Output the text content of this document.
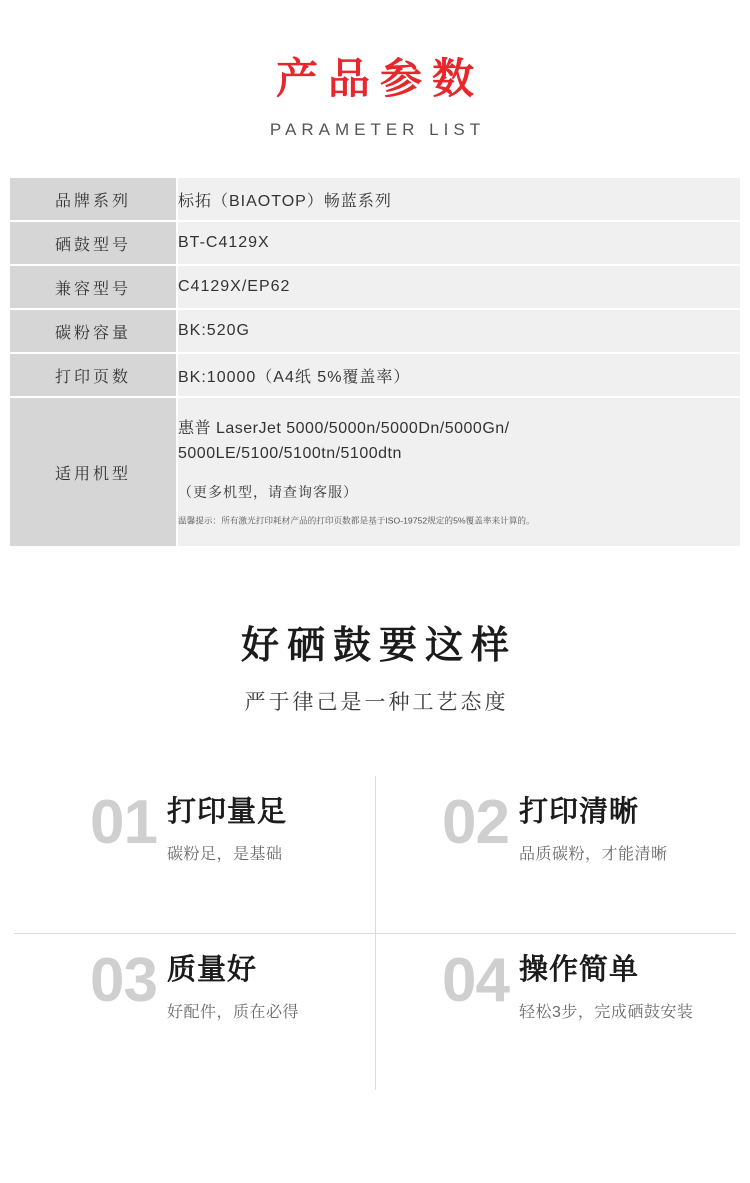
产品参数
PARAMETER LIST
品牌系列	标拓（BIAOTOP）畅蓝系列
硒鼓型号	BT-C4129X
兼容型号	C4129X/EP62
碳粉容量	BK:520G
打印页数	BK:10000（A4纸 5%覆盖率）
适用机型	惠普 LaserJet 5000/5000n/5000Dn/5000Gn/
5000LE/5100/5100tn/5100dtn
（更多机型，请查询客服）
温馨提示：所有激光打印耗材产品的打印页数都是基于ISO-19752规定的5%覆盖率来计算的。
好硒鼓要这样
严于律己是一种工艺态度
01 打印量足
碳粉足，是基础	02 打印清晰
品质碳粉，才能清晰
03 质量好
好配件，质在必得 04 操作简单
轻松3步，完成硒鼓安装
